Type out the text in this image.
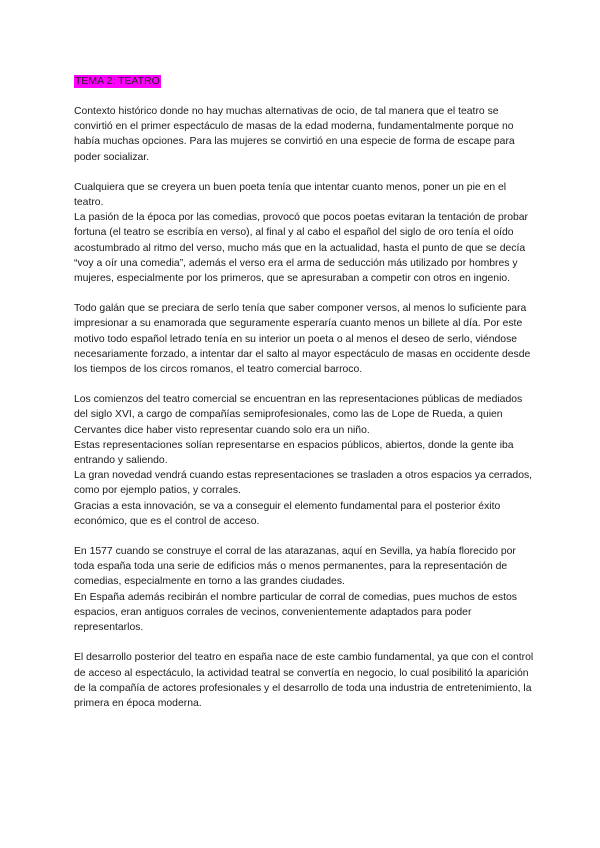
TEMA 2: TEATRO

Contexto histórico donde no hay muchas alternativas de ocio, de tal manera que el teatro se convirtió en el primer espectáculo de masas de la edad moderna, fundamentalmente porque no había muchas opciones. Para las mujeres se convirtió en una especie de forma de escape para poder socializar.

Cualquiera que se creyera un buen poeta tenía que intentar cuanto menos, poner un pie en el teatro.

La pasión de la época por las comedias, provocó que pocos poetas evitaran la tentación de probar fortuna (el teatro se escribía en verso), al final y al cabo el español del siglo de oro tenía el oído acostumbrado al ritmo del verso, mucho más que en la actualidad, hasta el punto de que se decía “voy a oír una comedia”, además el verso era el arma de seducción más utilizado por hombres y mujeres, especialmente por los primeros, que se apresuraban a competir con otros en ingenio.

Todo galán que se preciara de serlo tenía que saber componer versos, al menos lo suficiente para impresionar a su enamorada que seguramente esperaría cuanto menos un billete al día. Por este motivo todo español letrado tenía en su interior un poeta o al menos el deseo de serlo, viéndose necesariamente forzado, a intentar dar el salto al mayor espectáculo de masas en occidente desde los tiempos de los circos romanos, el teatro comercial barroco.

Los comienzos del teatro comercial se encuentran en las representaciones públicas de mediados del siglo XVI, a cargo de compañías semiprofesionales, como las de Lope de Rueda, a quien Cervantes dice haber visto representar cuando solo era un niño.

Estas representaciones solían representarse en espacios públicos, abiertos, donde la gente iba entrando y saliendo.

La gran novedad vendrá cuando estas representaciones se trasladen a otros espacios ya cerrados, como por ejemplo patios, y corrales.

Gracias a esta innovación, se va a conseguir el elemento fundamental para el posterior éxito económico, que es el control de acceso.

En 1577 cuando se construye el corral de las atarazanas, aquí en Sevilla, ya había florecido por toda españa toda una serie de edificios más o menos permanentes, para la representación de comedias, especialmente en torno a las grandes ciudades.

En España además recibirán el nombre particular de corral de comedias, pues muchos de estos espacios, eran antiguos corrales de vecinos, convenientemente adaptados para poder representarlos.

El desarrollo posterior del teatro en españa nace de este cambio fundamental, ya que con el control de acceso al espectáculo, la actividad teatral se convertía en negocio, lo cual posibilitó la aparición de la compañía de actores profesionales y el desarrollo de toda una industria de entretenimiento, la primera en época moderna.
